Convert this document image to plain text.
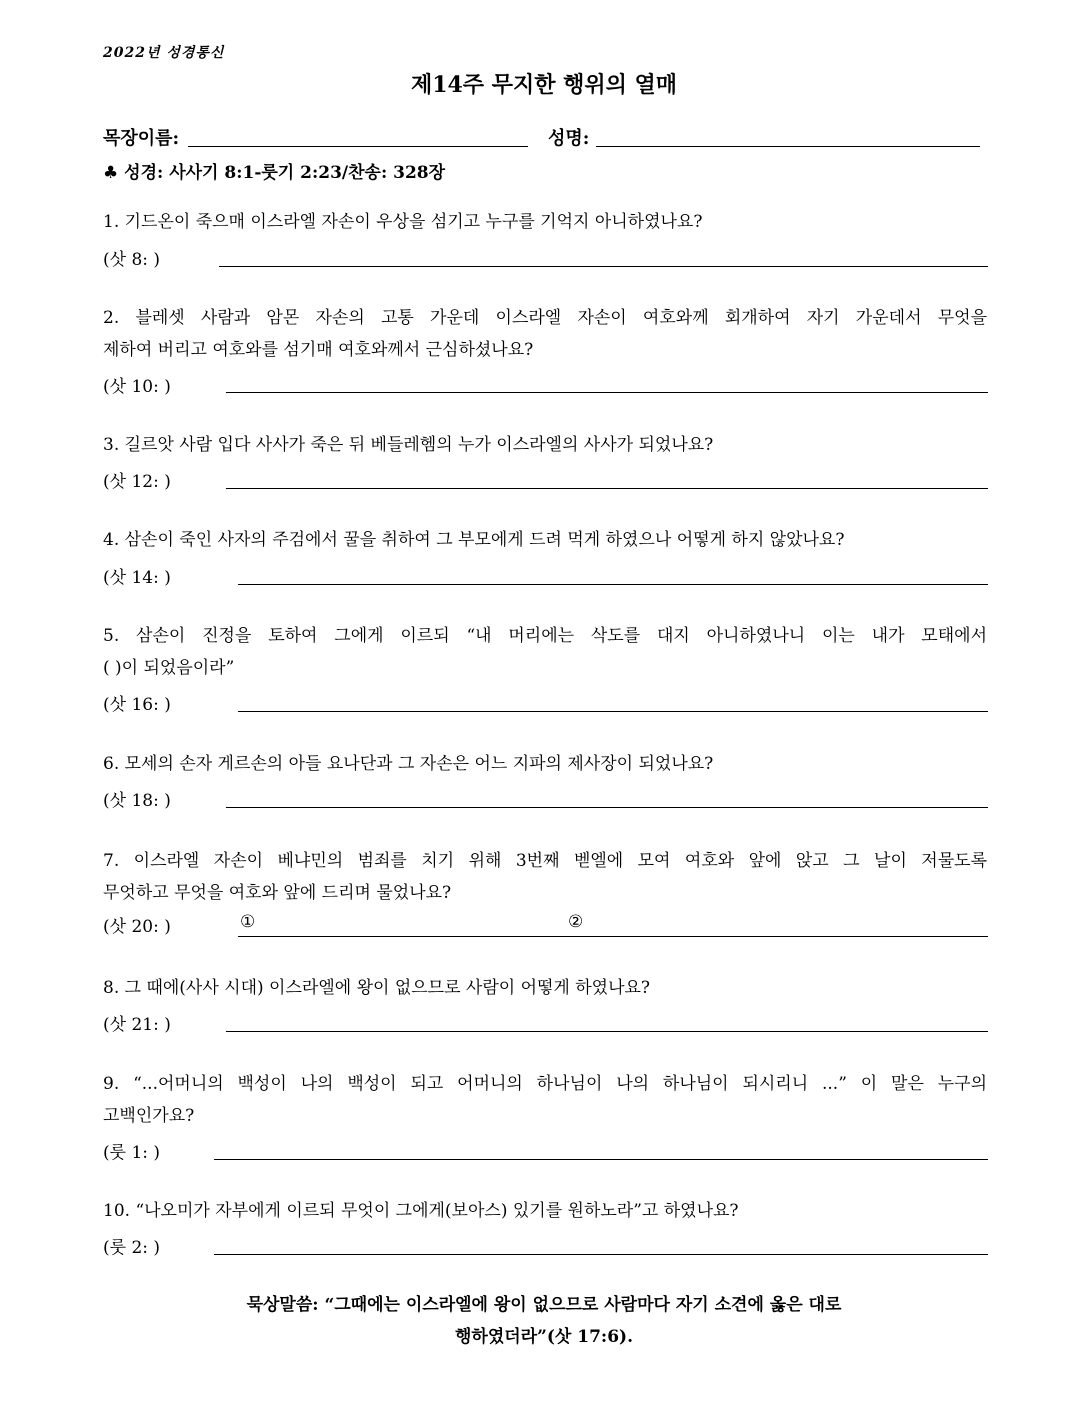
2022년 성경통신
제14주 무지한 행위의 열매
목장이름:	성명:
♣ 성경: 사사기 8:1-룻기 2:23/찬송: 328장
1. 기드온이 죽으매 이스라엘 자손이 우상을 섬기고 누구를 기억지 아니하였나요?
(삿 8: )
2. 블레셋 사람과 암몬 자손의 고통 가운데 이스라엘 자손이 여호와께 회개하여 자기 가운데서 무엇을
제하여 버리고 여호와를 섬기매 여호와께서 근심하셨나요?
(삿 10: )
3. 길르앗 사람 입다 사사가 죽은 뒤 베들레헴의 누가 이스라엘의 사사가 되었나요?
(삿 12: )
4. 삼손이 죽인 사자의 주검에서 꿀을 취하여 그 부모에게 드려 먹게 하였으나 어떻게 하지 않았나요?
(삿 14: )
5. 삼손이 진정을 토하여 그에게 이르되 “내 머리에는 삭도를 대지 아니하였나니 이는 내가 모태에서
( )이 되었음이라”
(삿 16: )
6. 모세의 손자 게르손의 아들 요나단과 그 자손은 어느 지파의 제사장이 되었나요?
(삿 18: )
7. 이스라엘 자손이 베냐민의 범죄를 치기 위해 3번째 벧엘에 모여 여호와 앞에 앉고 그 날이 저물도록
무엇하고 무엇을 여호와 앞에 드리며 물었나요?
(삿 20: )	①	②
8. 그 때에(사사 시대) 이스라엘에 왕이 없으므로 사람이 어떻게 하였나요?
(삿 21: )
9. “...어머니의 백성이 나의 백성이 되고 어머니의 하나님이 나의 하나님이 되시리니 ...” 이 말은 누구의
고백인가요?
(룻 1: )
10. “나오미가 자부에게 이르되 무엇이 그에게(보아스) 있기를 원하노라”고 하였나요?
(룻 2: )
묵상말씀: “그때에는 이스라엘에 왕이 없으므로 사람마다 자기 소견에 옳은 대로
행하였더라”(삿 17:6).
